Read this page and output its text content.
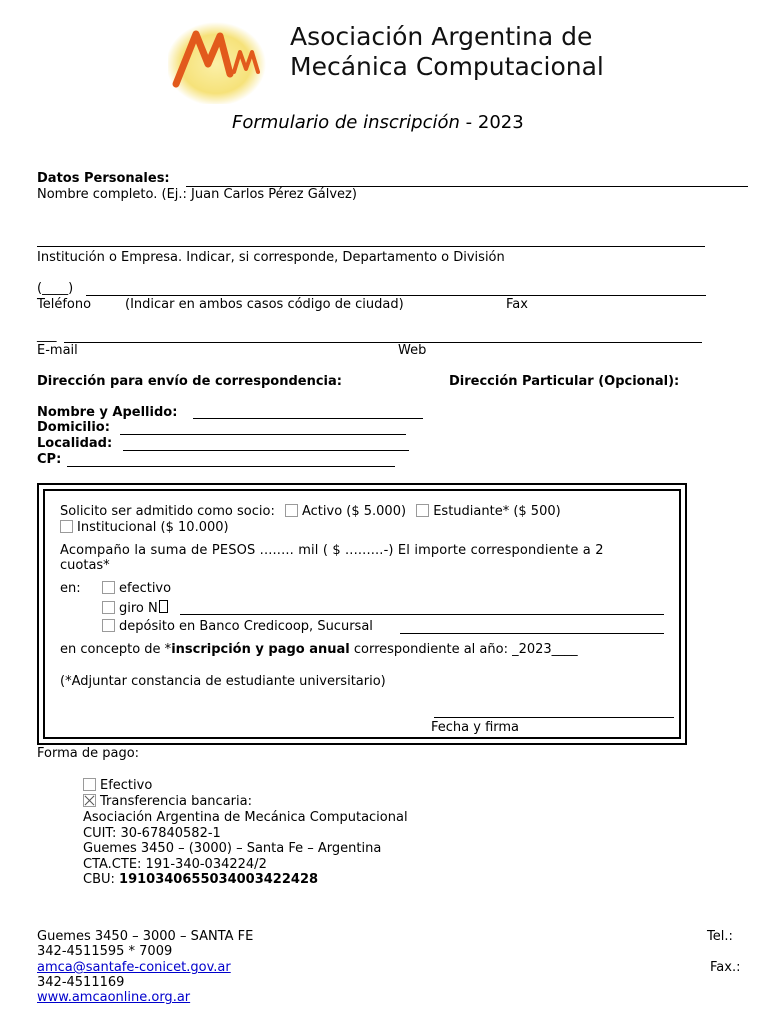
Asociación Argentina de
Mecánica Computacional
Formulario de inscripción - 2023
Datos Personales:
Nombre completo. (Ej.: Juan Carlos Pérez Gálvez)
Institución o Empresa. Indicar, si corresponde, Departamento o División
(____)
Teléfono	(Indicar en ambos casos código de ciudad)	Fax
___
E-mail	Web
Dirección para envío de correspondencia:	Dirección Particular (Opcional):
Nombre y Apellido:
Domicilio:
Localidad:
CP:
Solicito ser admitido como socio: Activo ($ 5.000) Estudiante* ($ 500)
Institucional ($ 10.000)
Acompaño la suma de PESOS ........ mil ( $ .........-) El importe correspondiente a 2
cuotas*
en:	efectivo
giro N
depósito en Banco Credicoop, Sucursal
en concepto de *inscripción y pago anual correspondiente al año: _2023____
(*Adjuntar constancia de estudiante universitario)
Fecha y firma
Forma de pago:
Efectivo
Transferencia bancaria:
Asociación Argentina de Mecánica Computacional
CUIT: 30-67840582-1
Guemes 3450 – (3000) – Santa Fe – Argentina
CTA.CTE: 191-340-034224/2
CBU: 1910340655034003422428
Guemes 3450 – 3000 – SANTA FE	Tel.:
342-4511595 * 7009
amca@santafe-conicet.gov.ar	Fax.:
342-4511169
www.amcaonline.org.ar
